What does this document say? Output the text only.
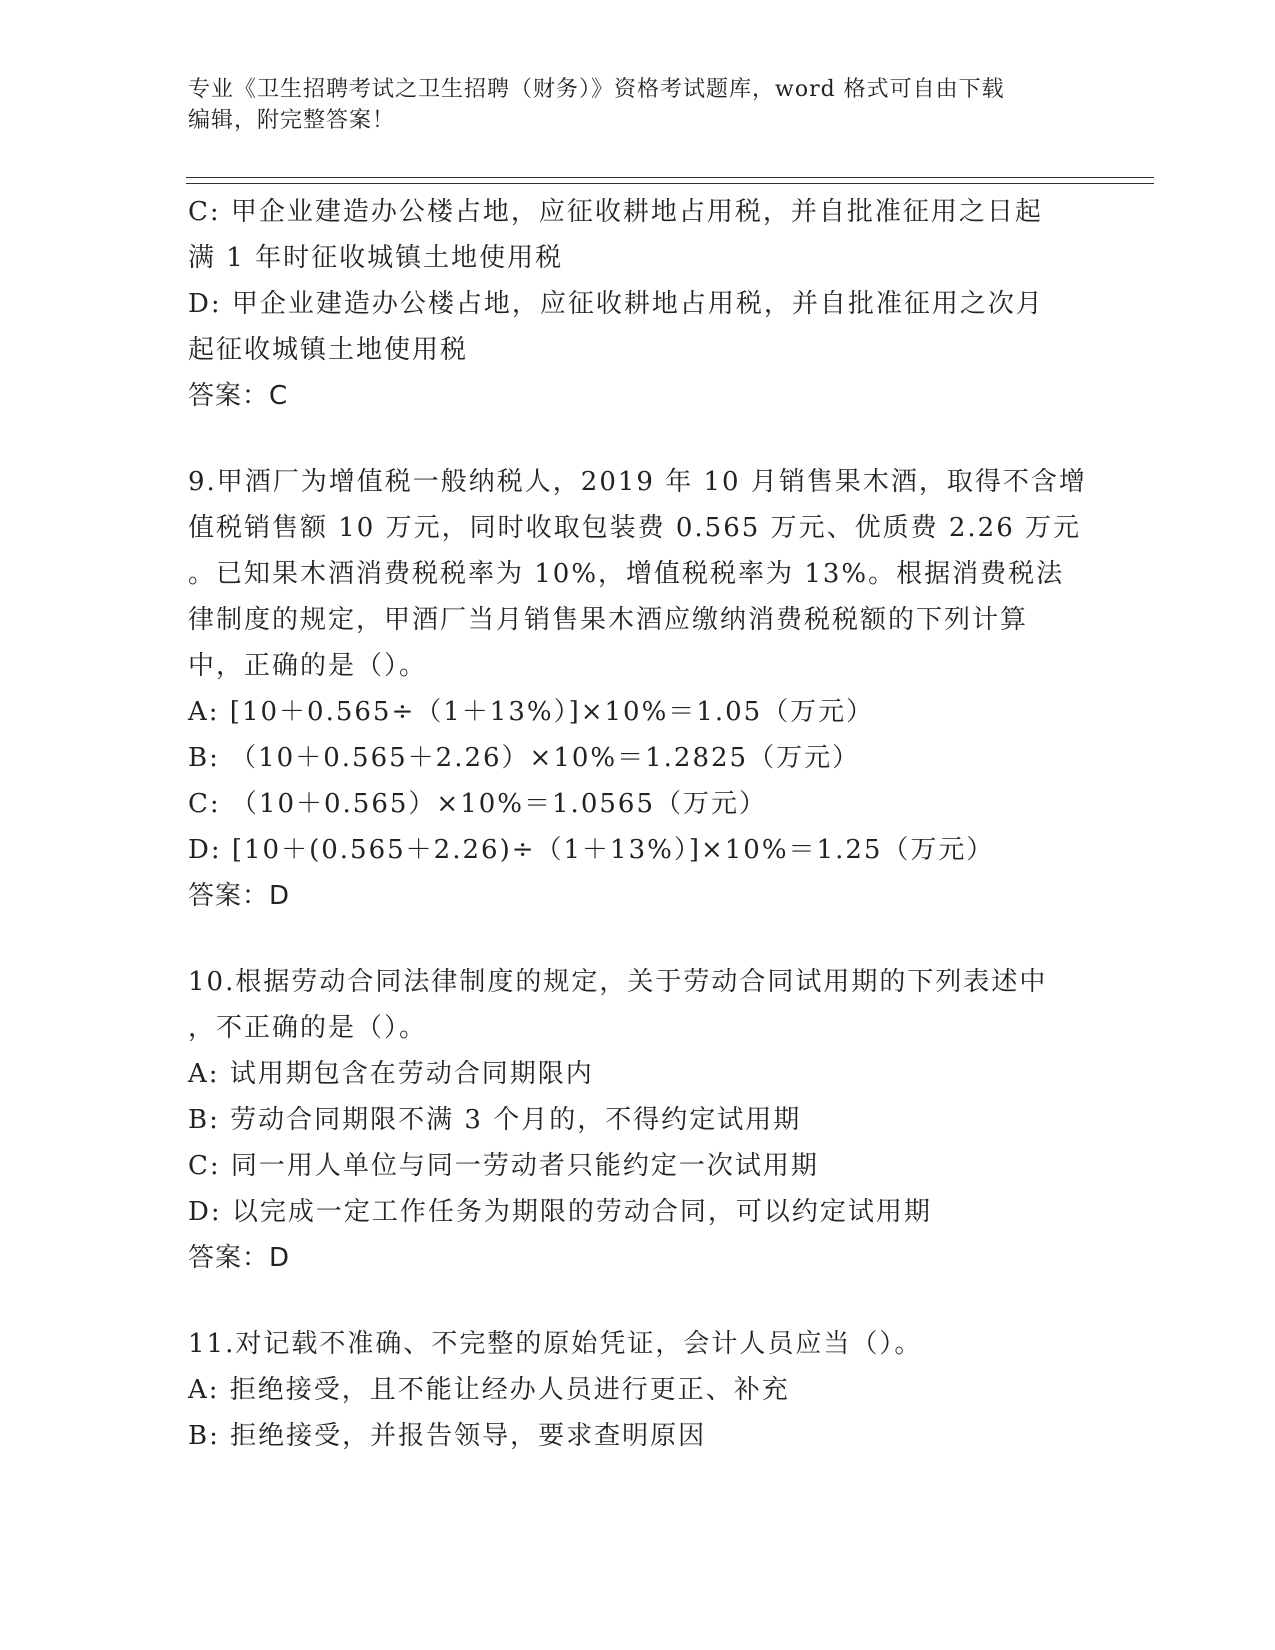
专业《卫生招聘考试之卫生招聘（财务）》资格考试题库，word 格式可自由下载
编辑，附完整答案！
C: 甲企业建造办公楼占地，应征收耕地占用税，并自批准征用之日起
满 1 年时征收城镇土地使用税
D: 甲企业建造办公楼占地，应征收耕地占用税，并自批准征用之次月
起征收城镇土地使用税
答案：C
9.甲酒厂为增值税一般纳税人，2019 年 10 月销售果木酒，取得不含增
值税销售额 10 万元，同时收取包装费 0.565 万元、优质费 2.26 万元
。已知果木酒消费税税率为 10%，增值税税率为 13%。根据消费税法
律制度的规定，甲酒厂当月销售果木酒应缴纳消费税税额的下列计算
中，正确的是（）。
A: [10＋0.565÷（1＋13%）]×10%＝1.05（万元）
B: （10＋0.565＋2.26）×10%＝1.2825（万元）
C: （10＋0.565）×10%＝1.0565（万元）
D: [10＋(0.565＋2.26)÷（1＋13%）]×10%＝1.25（万元）
答案：D
10.根据劳动合同法律制度的规定，关于劳动合同试用期的下列表述中
，不正确的是（）。
A: 试用期包含在劳动合同期限内
B: 劳动合同期限不满 3 个月的，不得约定试用期
C: 同一用人单位与同一劳动者只能约定一次试用期
D: 以完成一定工作任务为期限的劳动合同，可以约定试用期
答案：D
11.对记载不准确、不完整的原始凭证，会计人员应当（）。
A: 拒绝接受，且不能让经办人员进行更正、补充
B: 拒绝接受，并报告领导，要求查明原因
